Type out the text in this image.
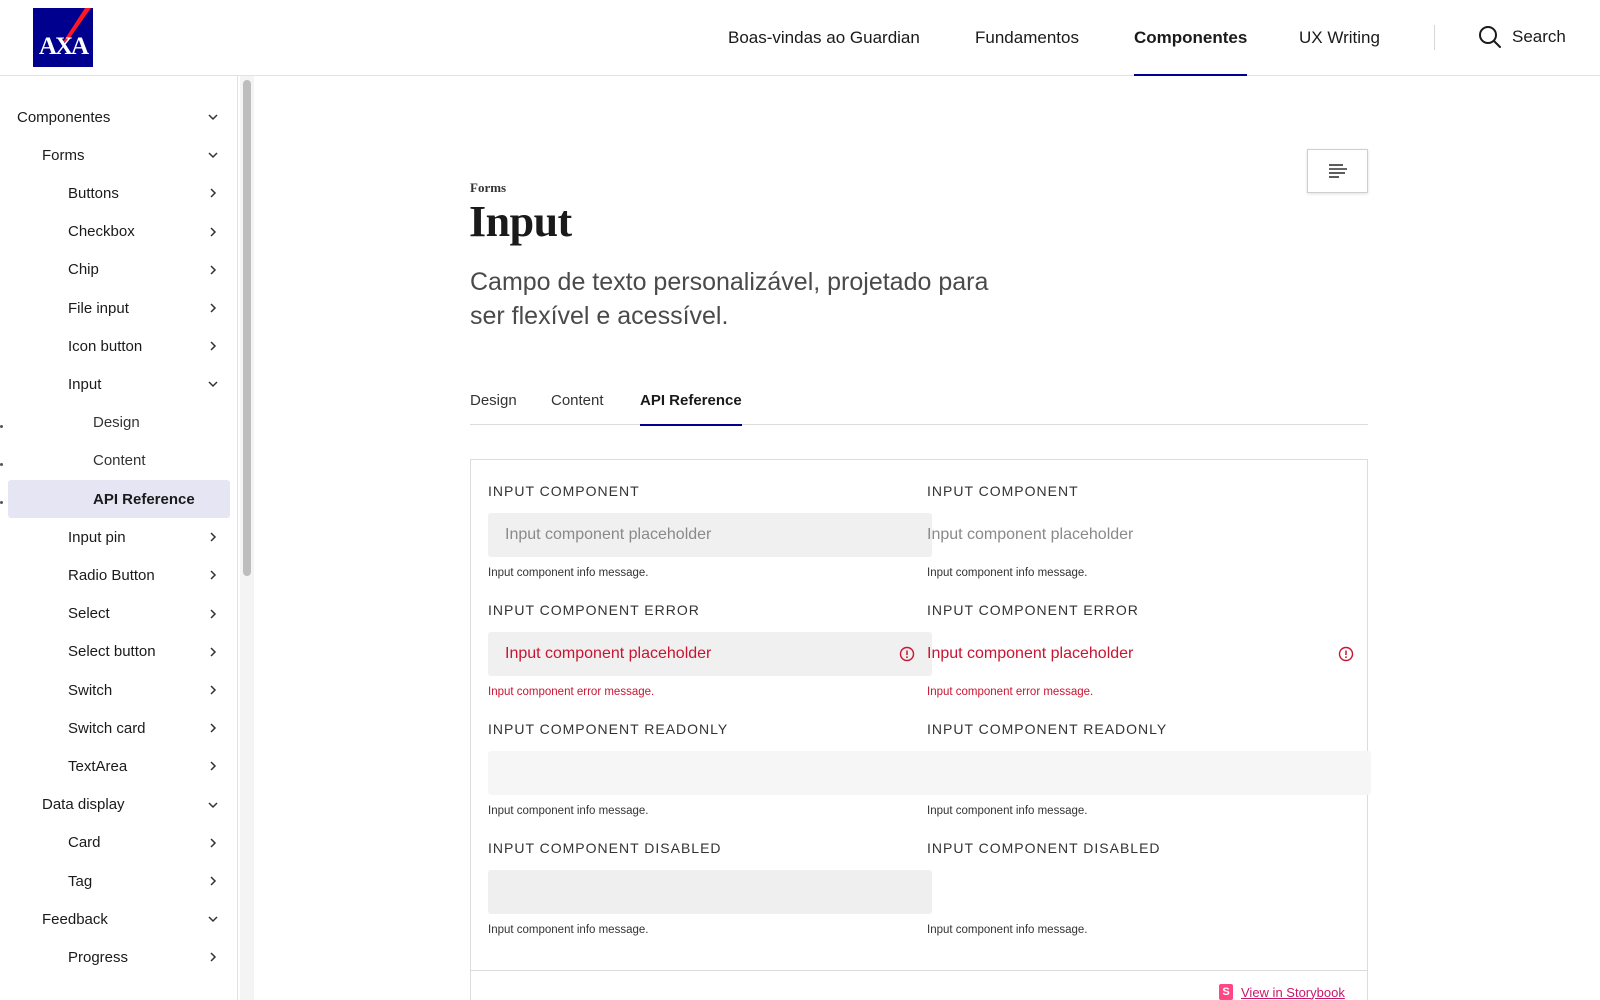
AXA	Boas-vindas ao Guardian	Fundamentos	Componentes	UX Writing	Search
Componentes
Forms
Buttons
Checkbox
Chip
File input
Icon button
Input
Design
Content
API Reference
Input pin
Radio Button
Select
Select button
Switch
Switch card
TextArea
Data display
Card
Tag
Feedback
Progress
Forms
Input
Campo de texto personalizável, projetado para ser flexível e acessível.
Design Content API Reference
S View in Storybook
INPUT COMPONENT
Input component placeholder
Input component info message.
INPUT COMPONENT ERROR
Input component placeholder
Input component error message.
INPUT COMPONENT READONLY
Input component info message.
INPUT COMPONENT DISABLED
Input component info message.
INPUT COMPONENT
Input component placeholder
Input component info message.
INPUT COMPONENT ERROR
Input component placeholder
Input component error message.
INPUT COMPONENT READONLY
Input component info message.
INPUT COMPONENT DISABLED
Input component info message.
